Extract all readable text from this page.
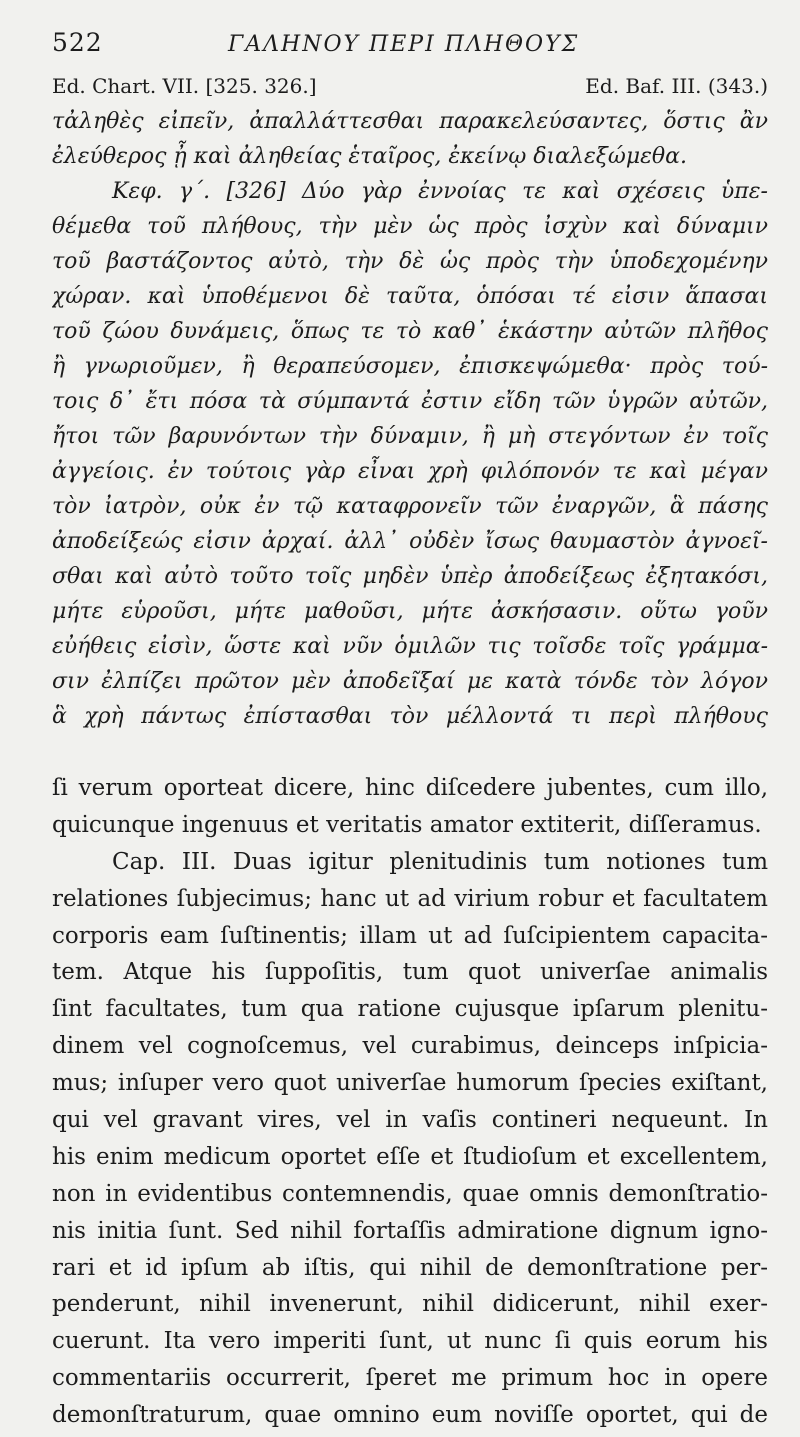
522	ΓΑΛΗΝΟΥ ΠΕΡΙ ΠΛΗΘΟΥΣ
Ed. Chart. VII. [325. 326.]	Ed. Baf. III. (343.)
τἀληθὲς εἰπεῖν, ἀπαλλάττεσθαι παρακελεύσαντες, ὅστις ἂν
ἐλεύθερος ᾖ καὶ ἀληθείας ἑταῖρος, ἐκείνῳ διαλεξώμεθα.
Κεφ. γ΄. [326] Δύο γὰρ ἐννοίας τε καὶ σχέσεις ὑπε-
θέμεθα τοῦ πλήθους, τὴν μὲν ὡς πρὸς ἰσχὺν καὶ δύναμιν
τοῦ βαστάζοντος αὐτὸ, τὴν δὲ ὡς πρὸς τὴν ὑποδεχομένην
χώραν. καὶ ὑποθέμενοι δὲ ταῦτα, ὁπόσαι τέ εἰσιν ἅπασαι
τοῦ ζώου δυνάμεις, ὅπως τε τὸ καθ᾿ ἑκάστην αὐτῶν πλῆθος
ἢ γνωριοῦμεν, ἢ θεραπεύσομεν, ἐπισκεψώμεθα· πρὸς τού-
τοις δ᾿ ἔτι πόσα τὰ σύμπαντά ἐστιν εἴδη τῶν ὑγρῶν αὐτῶν,
ἤτοι τῶν βαρυνόντων τὴν δύναμιν, ἢ μὴ στεγόντων ἐν τοῖς
ἀγγείοις. ἐν τούτοις γὰρ εἶναι χρὴ φιλόπονόν τε καὶ μέγαν
τὸν ἰατρὸν, οὐκ ἐν τῷ καταφρονεῖν τῶν ἐναργῶν, ἃ πάσης
ἀποδείξεώς εἰσιν ἀρχαί. ἀλλ᾿ οὐδὲν ἴσως θαυμαστὸν ἀγνοεῖ-
σθαι καὶ αὐτὸ τοῦτο τοῖς μηδὲν ὑπὲρ ἀποδείξεως ἐξητακόσι,
μήτε εὑροῦσι, μήτε μαθοῦσι, μήτε ἀσκήσασιν. οὕτω γοῦν
εὐήθεις εἰσὶν, ὥστε καὶ νῦν ὁμιλῶν τις τοῖσδε τοῖς γράμμα-
σιν ἐλπίζει πρῶτον μὲν ἀποδεῖξαί με κατὰ τόνδε τὸν λόγον
ἃ χρὴ πάντως ἐπίστασθαι τὸν μέλλοντά τι περὶ πλήθους
ſi verum oporteat dicere, hinc diſcedere jubentes, cum illo,
quicunque ingenuus et veritatis amator extiterit, diſſeramus.
Cap. III. Duas igitur plenitudinis tum notiones tum
relationes ſubjecimus; hanc ut ad virium robur et facultatem
corporis eam ſuſtinentis; illam ut ad ſuſcipientem capacita-
tem. Atque his ſuppoſitis, tum quot univerſae animalis
ſint facultates, tum qua ratione cujusque ipſarum plenitu-
dinem vel cognoſcemus, vel curabimus, deinceps inſpicia-
mus; inſuper vero quot univerſae humorum ſpecies exiſtant,
qui vel gravant vires, vel in vaſis contineri nequeunt. In
his enim medicum oportet eſſe et ſtudioſum et excellentem,
non in evidentibus contemnendis, quae omnis demonſtratio-
nis initia ſunt. Sed nihil fortaſſis admiratione dignum igno-
rari et id ipſum ab iſtis, qui nihil de demonſtratione per-
penderunt, nihil invenerunt, nihil didicerunt, nihil exer-
cuerunt. Ita vero imperiti ſunt, ut nunc ſi quis eorum his
commentariis occurrerit, ſperet me primum hoc in opere
demonſtraturum, quae omnino eum noviſſe oportet, qui de
